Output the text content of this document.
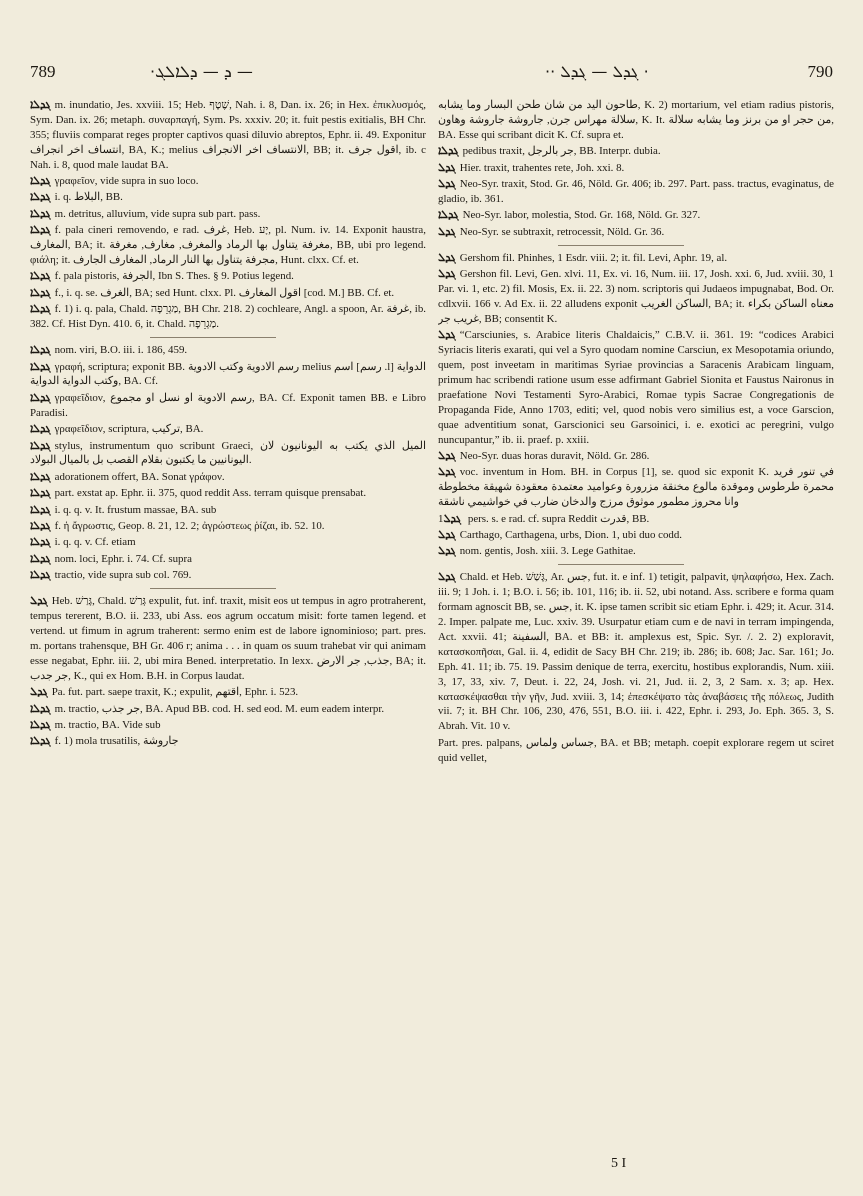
789	·ܕ — ܕܠܐܠܓ —	·· ܓܕܠ — ܓܕܠ ·	790

ܓܕܠܐ m. inundatio, Jes. xxviii. 15; Heb. שֶׁטֶף, Nah. i. 8, Dan. ix. 26; in Hex. ἐπικλυσμός, Sym. Dan. ix. 26; metaph. συναρπαγή, Sym. Ps. xxxiv. 20; it. fuit pestis exitialis, BH Chr. 355; fluviis comparat reges propter captivos quasi diluvio abreptos, Ephr. ii. 49. Exponitur انتساف اخر انجراف, BA, K.; melius الانتساف اخر الانجراف, BB; it. اقول جرف, ib. c Nah. i. 8, quod male laudat BA.

ܓܕܠܐ γραφεῖον, vide supra in suo loco.

ܓܕܠܐ i. q. البلاط, BB.

ܓܕܠܐ m. detritus, alluvium, vide supra sub part. pass.

ܓܕܠܐ f. pala cineri removendo, e rad. غرف, Heb. יָע, pl. Num. iv. 14. Exponit haustra, المغارف, BA; it. مغرفة يتناول بها الرماد والمغرف, مغارف, مغرفة, BB, ubi pro legend. φιάλη; it. مجرفة يتناول بها النار الرماد, المغارف الجارف, Hunt. clxx. Cf. et.

ܓܕܠܐ f. pala pistoris, الجرفة, Ibn S. Thes. § 9. Potius legend.

ܓܕܠܐ f., i. q. se. الغرف, BA; sed Hunt. clxx. Pl. اقول المغارف [cod. M.] BB. Cf. et.

ܓܕܠܐ f. 1) i. q. pala, Chald. מַגְרֵפָה, BH Chr. 218. 2) cochleare, Angl. a spoon, Ar. غرفة, ib. 382. Cf. Hist Dyn. 410. 6, it. Chald. מַגְרֵפָה.

ܓܕܠܐ nom. viri, B.O. iii. i. 186, 459.

ܓܕܠܐ γραφή, scriptura; exponit BB. رسم الادوية وكتب الادوية melius اسم [رسم .l] الدواية وكتب الدواية الدواية, BA. Cf.

ܓܕܠܐ γραφεῖδιον, رسم الادوية او نسل او مجموع, BA. Cf. Exponit tamen BB. e Libro Paradisi.

ܓܕܠܐ γραφεῖδιον, scriptura, تركيب, BA.

ܓܕܠܐ stylus, instrumentum quo scribunt Graeci, الميل الذي يكتب به اليونانيون لان اليونانيين ما يكتبون بقلام القصب بل بالميال البولاد.

ܓܕܠܐ adorationem offert, BA. Sonat γράφον.

ܓܕܠܐ part. exstat ap. Ephr. ii. 375, quod reddit Ass. terram quisque prensabat.

ܓܕܠܐ i. q. q. v. It. frustum massae, BA. sub

ܓܕܠܐ f. ἡ ἄγρωστις, Geop. 8. 21, 12. 2; ἀγρώστεως ῥίζαι, ib. 52. 10.

ܓܕܠܐ i. q. q. v. Cf. etiam

ܓܕܠܐ nom. loci, Ephr. i. 74. Cf. supra

ܓܕܠܐ tractio, vide supra sub col. 769.

ܓܕܠ Heb. גָּרַשׁ, Chald. גְּרַשׁ expulit, fut. inf. traxit, misit eos ut tempus in agro protraherent, tempus tererent, B.O. ii. 233, ubi Ass. eos agrum occatum misit: forte tamen legend. et vertend. ut fimum in agrum traherent: sermo enim est de labore ignominioso; part. pres. m. portans trahensque, BH Gr. 406 r; anima . . . in quam os suum trahebat vir qui animam esse negabat, Ephr. iii. 2, ubi mira Bened. interpretatio. In lexx. جذب, جر الارض, BA; it. جر جدب, K., qui ex Hom. B.H. in Corpus laudat.

ܓܕܠ Pa. fut. part. saepe traxit, K.; expulit, اقتهم, Ephr. i. 523.

ܓܕܠܐ m. tractio, جر جذب, BA. Apud BB. cod. H. sed eod. M. eum eadem interpr.

ܓܕܠܐ m. tractio, BA. Vide sub

ܓܕܠܐ f. 1) mola trusatilis, جاروشة

طاحون اليد من شان طحن البسار وما يشابه, K. 2) mortarium, vel etiam radius pistoris, سلالة مهراس جرن, جاروشة جاروشة وهاون, K. It. من حجر او من برنز وما يشابه سلالة, BA. Esse qui scribant dicit K. Cf. supra et.

ܓܕܠܐ pedibus traxit, جر بالرجل, BB. Interpr. dubia.

ܓܕܠ Hier. traxit, trahentes rete, Joh. xxi. 8.

ܓܕܠ Neo-Syr. traxit, Stod. Gr. 46, Nöld. Gr. 406; ib. 297. Part. pass. tractus, evaginatus, de gladio, ib. 361.

ܓܕܠܐ Neo-Syr. labor, molestia, Stod. Gr. 168, Nöld. Gr. 327.

ܓܕܠ Neo-Syr. se subtraxit, retrocessit, Nöld. Gr. 36.

ܓܕܠ Gershom fil. Phinhes, 1 Esdr. viii. 2; it. fil. Levi, Aphr. 19, al.

ܓܕܠ Gershon fil. Levi, Gen. xlvi. 11, Ex. vi. 16, Num. iii. 17, Josh. xxi. 6, Jud. xviii. 30, 1 Par. vi. 1, etc. 2) fil. Mosis, Ex. ii. 22. 3) nom. scriptoris qui Judaeos impugnabat, Bod. Or. cdlxvii. 166 v. Ad Ex. ii. 22 alludens exponit الساكن الغريب, BA; it. معناه الساكن بكراء غريب جر, BB; consentit K.

ܓܕܠ “Carsciunies, s. Arabice literis Chaldaicis,” C.B.V. ii. 361. 19: “codices Arabici Syriacis literis exarati, qui vel a Syro quodam nomine Carsciun, ex Mesopotamia oriundo, quem, post inveetam in maritimas Syriae provincias a Saracenis Arabicam linguam, primum hac scribendi ratione usum esse adfirmant Gabriel Sionita et Faustus Naironus in praefatione Novi Testamenti Syro-Arabici, Romae typis Sacrae Congregationis de Propaganda Fide, Anno 1703, editi; vel, quod nobis vero similius est, a voce Garscion, quae adventitium sonat, Garscionici seu Garsoinici, i. e. exotici ac peregrini, vulgo nuncupantur,” ib. ii. praef. p. xxiii.

ܓܕܠ Neo-Syr. duas horas duravit, Nöld. Gr. 286.

ܓܕܠ voc. inventum in Hom. BH. in Corpus [1], se. quod sic exponit K. في تنور فريد محمرة طرطوس وموقدة مالوع مخنقة مزرورة وعواميد معتمدة معقودة شهيقة مخطوطة وانا محروز مطمور موثوق مرزج والدخان ضارب في خواشيمي ناشقة

ܓܕܠ1 pers. s. e rad. cf. supra Reddit قدرت, BB.

ܓܕܠ Carthago, Carthagena, urbs, Dion. 1, ubi duo codd.

ܓܕܠ nom. gentis, Josh. xiii. 3. Lege Gathitae.

ܓܕܠ Chald. et Heb. גָּשַׁשׁ, Ar. جس, fut. it. e inf. 1) tetigit, palpavit, ψηλαφήσω, Hex. Zach. iii. 9; 1 Joh. i. 1; B.O. i. 56; ib. 101, 116; ib. ii. 52, ubi notand. Ass. scribere e forma quam formam agnoscit BB, se. جس, it. K. ipse tamen scribit sic etiam Ephr. i. 429; it. Acur. 314. 2. Imper. palpate me, Luc. xxiv. 39. Usurpatur etiam cum e de navi in terram impingenda, Act. xxvii. 41; السفينة, BA. et BB: it. amplexus est, Spic. Syr. /. 2. 2) exploravit, κατασκοπῆσαι, Gal. ii. 4, edidit de Sacy BH Chr. 219; ib. 286; ib. 608; Jac. Sar. 161; Jo. Eph. 41. 11; ib. 75. 19. Passim denique de terra, exercitu, hostibus explorandis, Num. xiii. 3, 17, 33, xiv. 7, Deut. i. 22, 24, Josh. vi. 21, Jud. ii. 2, 3, 2 Sam. x. 3; ap. Hex. κατασκέψασθαι τὴν γῆν, Jud. xviii. 3, 14; ἐπεσκέψατο τὰς ἀναβάσεις τῆς πόλεως, Judith vii. 7; it. BH Chr. 106, 230, 476, 551, B.O. iii. i. 422, Ephr. i. 293, Jo. Eph. 365. 3, S. Abrah. Vit. 10 v.

Part. pres. palpans, جساس ولماس, BA. et BB; metaph. coepit explorare regem ut sciret quid vellet,

5 I
